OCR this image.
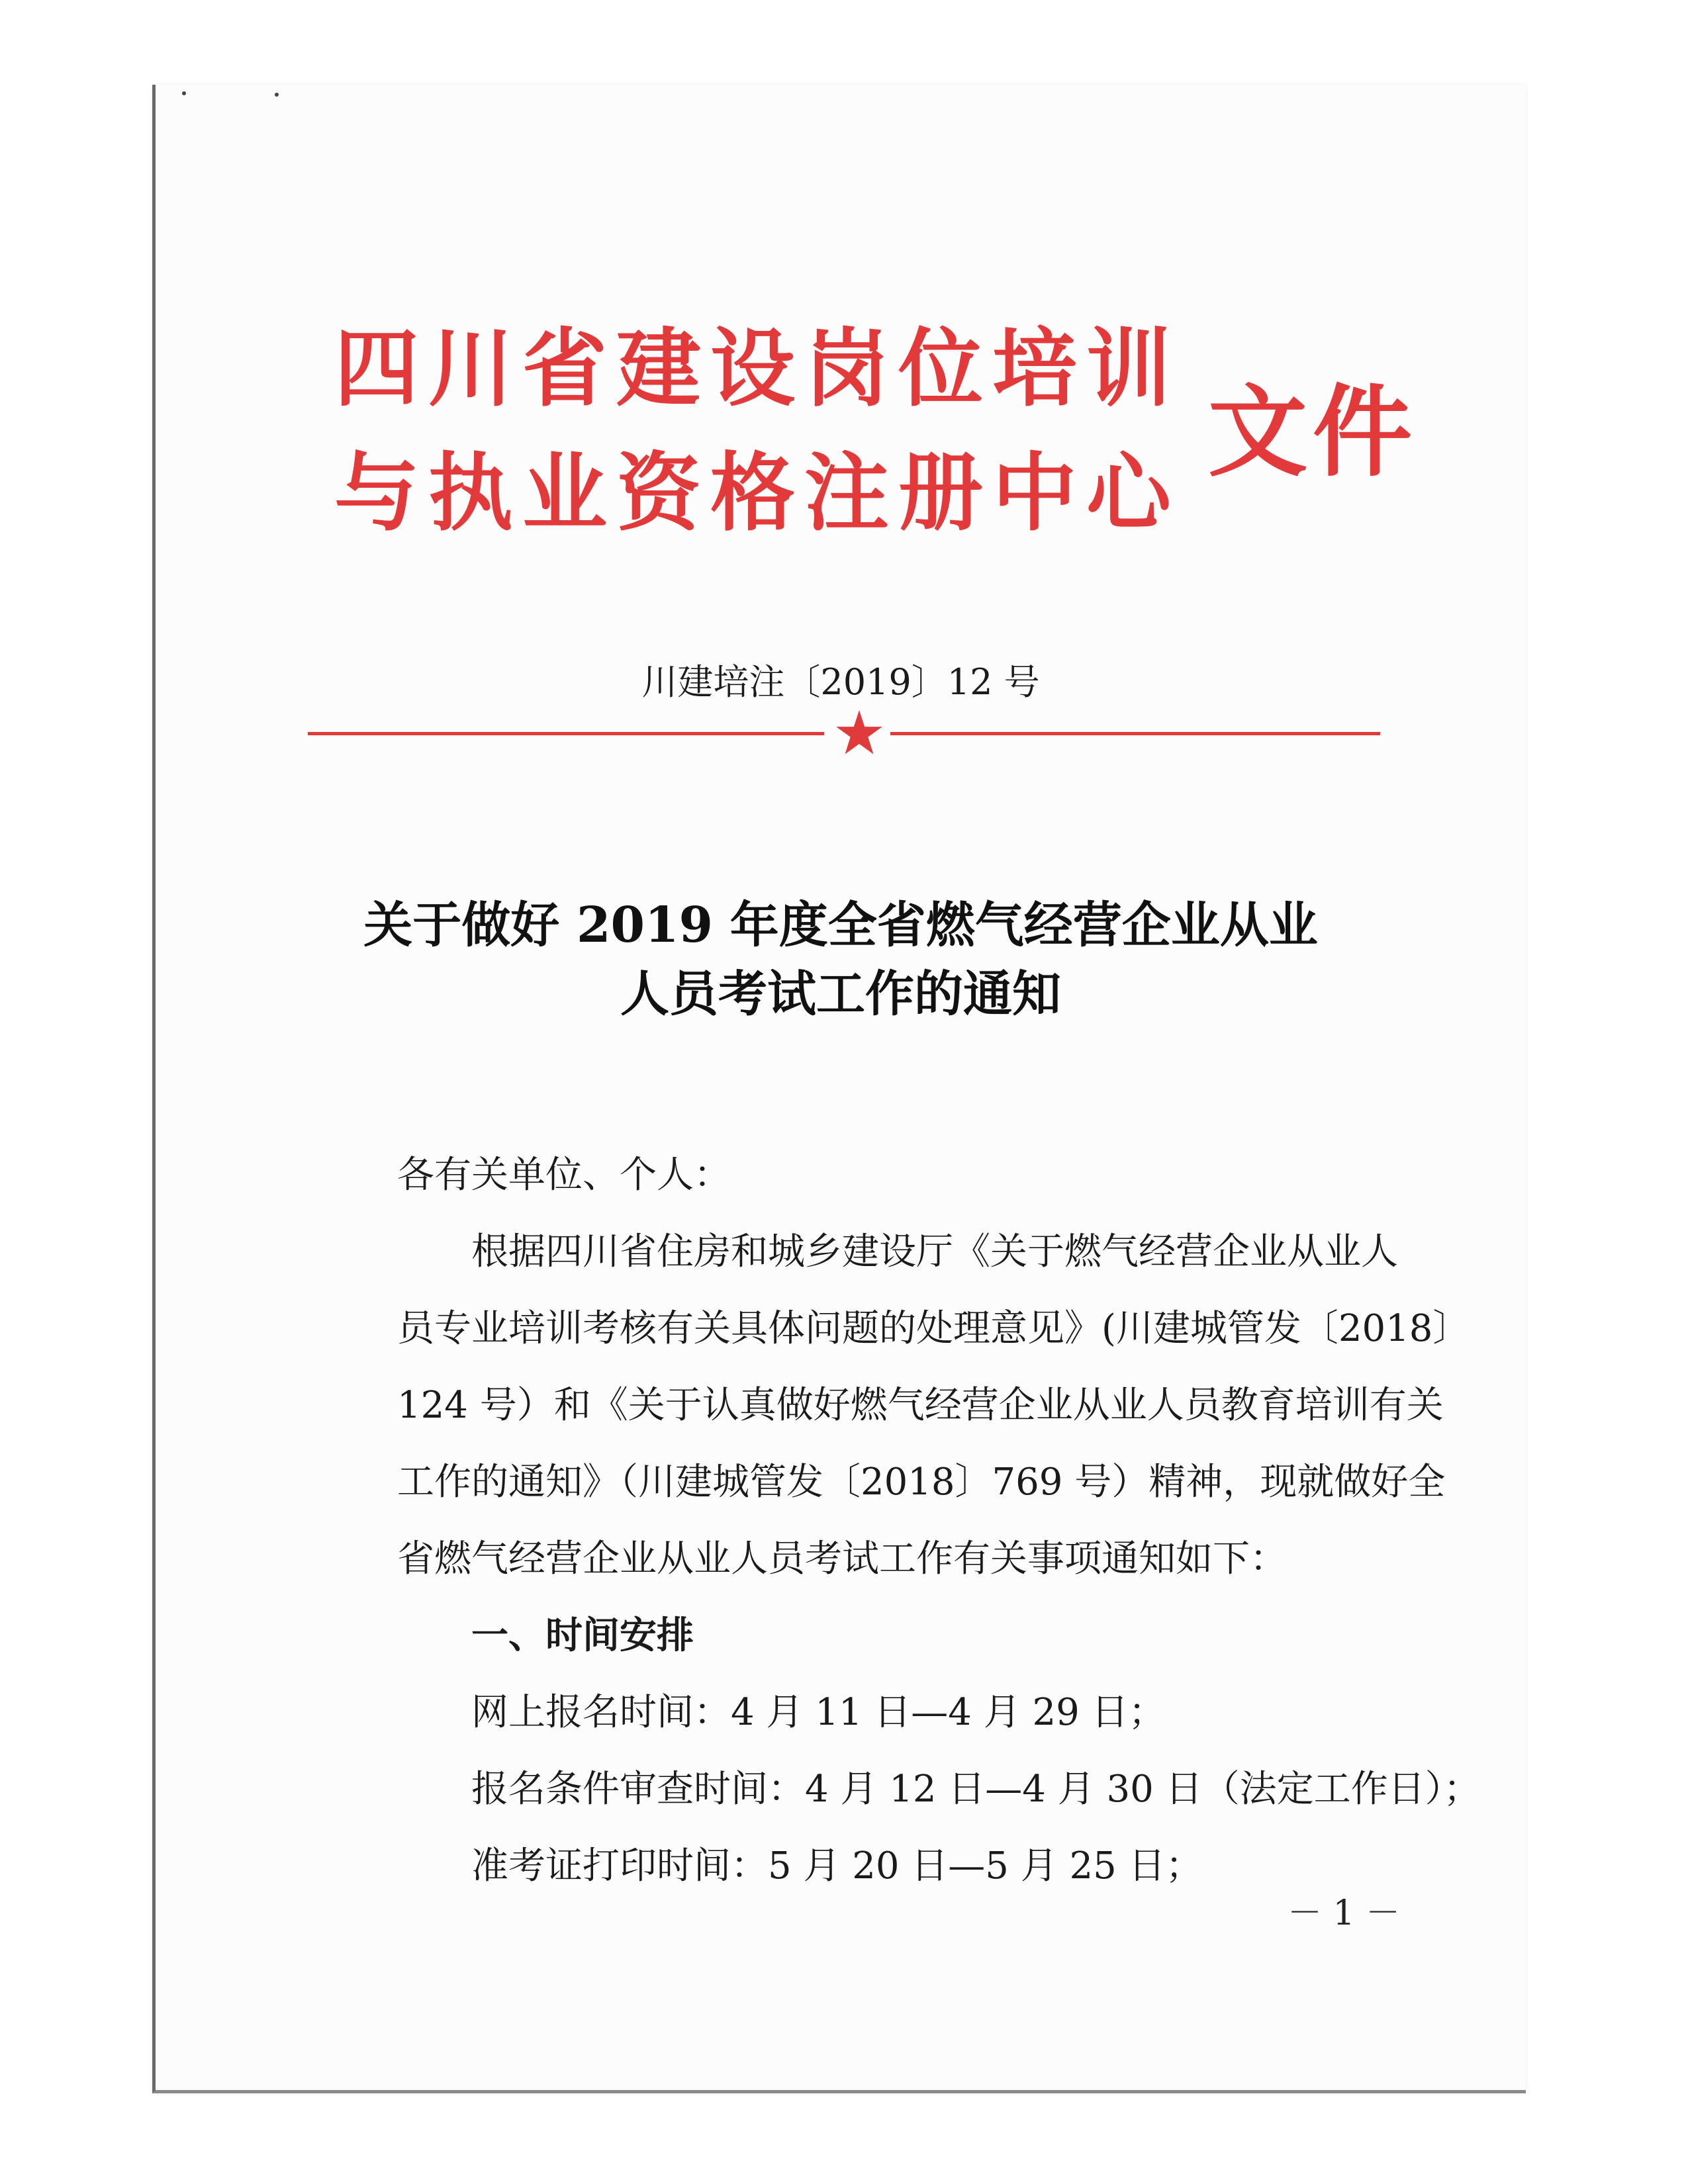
四川省建设岗位培训
与执业资格注册中心
文件
川建培注〔2019〕12 号
关于做好 2019 年度全省燃气经营企业从业
人员考试工作的通知

各有关单位、个人：

根据四川省住房和城乡建设厅《关于燃气经营企业从业人

员专业培训考核有关具体问题的处理意见》(川建城管发〔2018〕

124 号）和《关于认真做好燃气经营企业从业人员教育培训有关

工作的通知》（川建城管发〔2018〕769 号）精神，现就做好全

省燃气经营企业从业人员考试工作有关事项通知如下：

一、时间安排

网上报名时间：4 月 11 日—4 月 29 日；

报名条件审查时间：4 月 12 日—4 月 30 日（法定工作日）；

准考证打印时间：5 月 20 日—5 月 25 日；

－ 1 －
